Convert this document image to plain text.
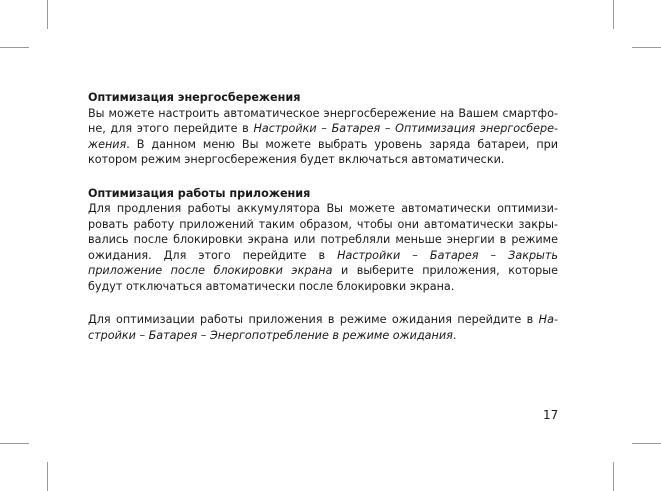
Оптимизация энергосбережения

Вы можете настроить автоматическое энергосбережение на Вашем смартфоне, для этого перейдите в Настройки – Батарея – Оптимизация энергосбережения. В данном меню Вы можете выбрать уровень заряда батареи, при котором режим энергосбережения будет включаться автоматически.

Оптимизация работы приложения

Для продления работы аккумулятора Вы можете автоматически оптимизировать работу приложений таким образом, чтобы они автоматически закрывались после блокировки экрана или потребляли меньше энергии в режиме ожидания. Для этого перейдите в Настройки – Батарея – Закрыть приложение после блокировки экрана и выберите приложения, которые будут отключаться автоматически после блокировки экрана.

Для оптимизации работы приложения в режиме ожидания перейдите в Настройки – Батарея – Энергопотребление в режиме ожидания.

17
